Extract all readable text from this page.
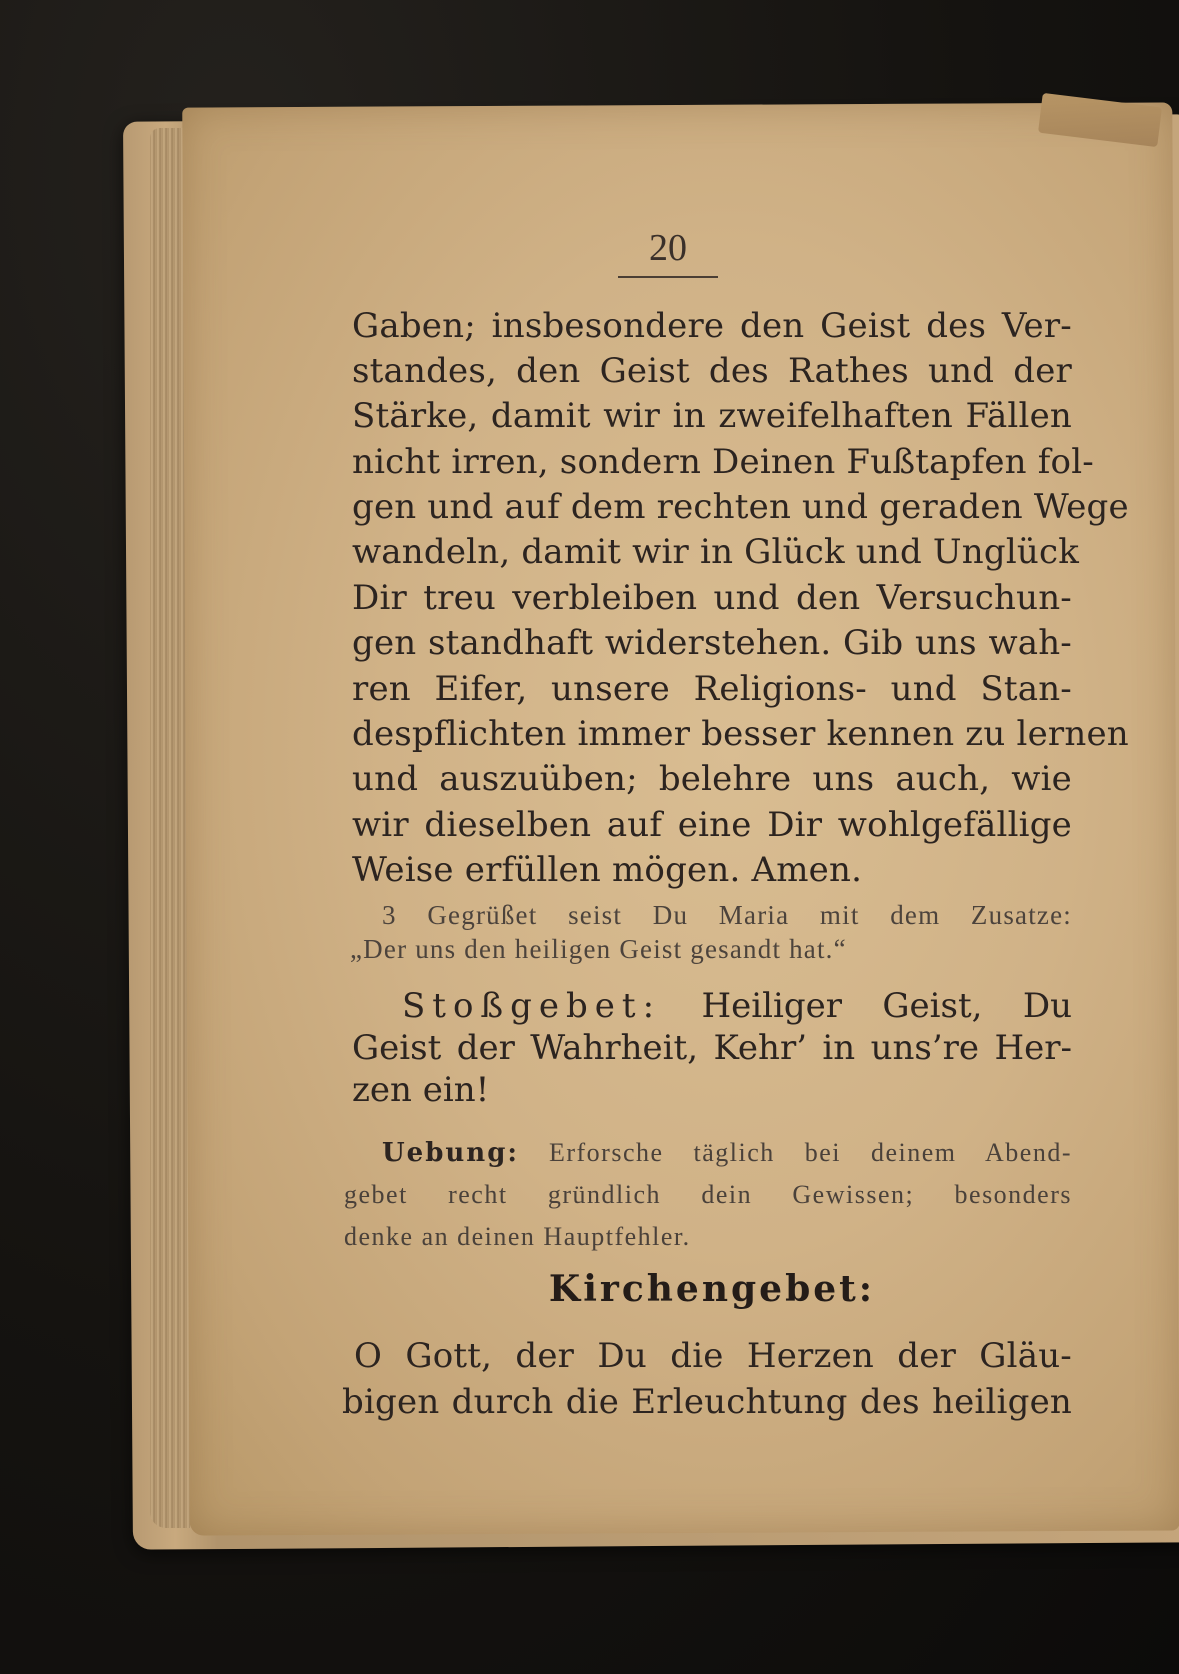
20
Gaben; insbesondere den Geist des Ver-
standes, den Geist des Rathes und der
Stärke, damit wir in zweifelhaften Fällen
nicht irren, sondern Deinen Fußtapfen fol-
gen und auf dem rechten und geraden Wege
wandeln, damit wir in Glück und Unglück
Dir treu verbleiben und den Versuchun-
gen standhaft widerstehen. Gib uns wah-
ren Eifer, unsere Religions- und Stan-
despflichten immer besser kennen zu lernen
und auszuüben; belehre uns auch, wie
wir dieselben auf eine Dir wohlgefällige
Weise erfüllen mögen. Amen.
3 Gegrüßet seist Du Maria mit dem Zusatze:
„Der uns den heiligen Geist gesandt hat.“
Stoßgebet: Heiliger Geist, Du
Geist der Wahrheit, Kehr’ in uns’re Her-
zen ein!
Uebung: Erforsche täglich bei deinem Abend-
gebet recht gründlich dein Gewissen; besonders
denke an deinen Hauptfehler.
Kirchengebet:
O Gott, der Du die Herzen der Gläu-
bigen durch die Erleuchtung des heiligen
